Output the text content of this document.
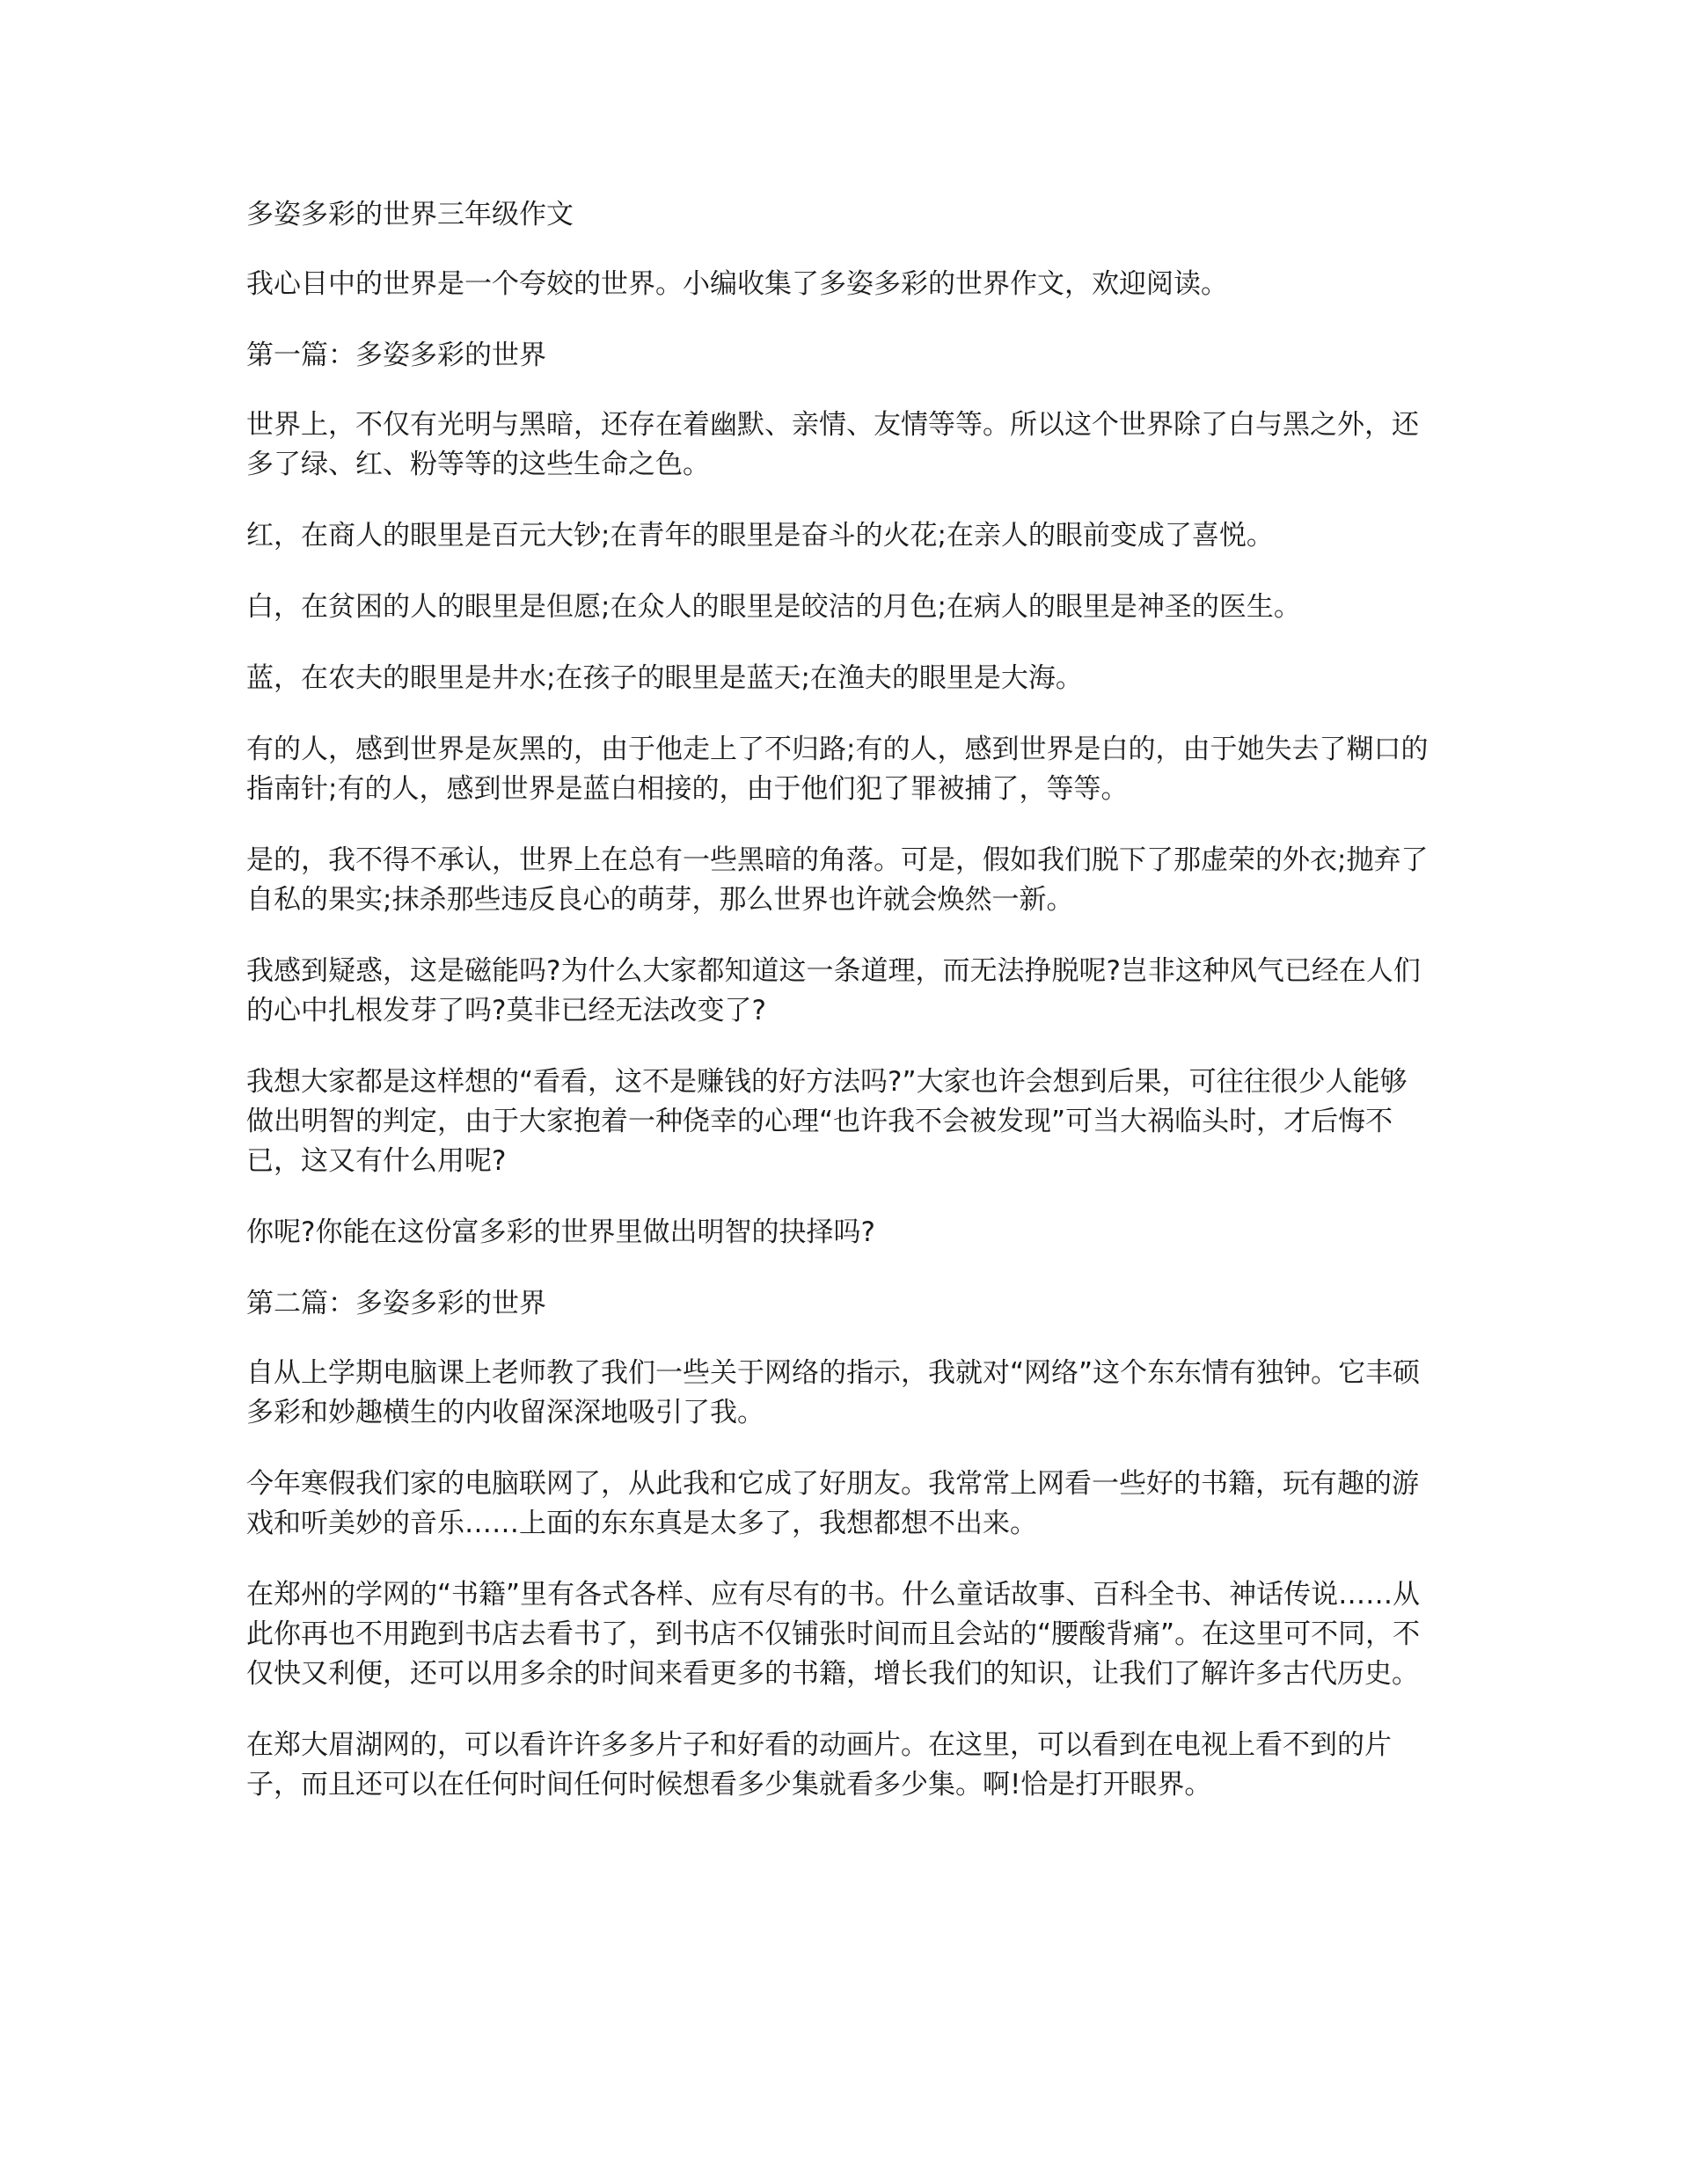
多姿多彩的世界三年级作文

我心目中的世界是一个夸姣的世界。小编收集了多姿多彩的世界作文，欢迎阅读。

第一篇：多姿多彩的世界

世界上，不仅有光明与黑暗，还存在着幽默、亲情、友情等等。所以这个世界除了白与黑之外，还多了绿、红、粉等等的这些生命之色。

红，在商人的眼里是百元大钞;在青年的眼里是奋斗的火花;在亲人的眼前变成了喜悦。

白，在贫困的人的眼里是但愿;在众人的眼里是皎洁的月色;在病人的眼里是神圣的医生。

蓝，在农夫的眼里是井水;在孩子的眼里是蓝天;在渔夫的眼里是大海。

有的人，感到世界是灰黑的，由于他走上了不归路;有的人，感到世界是白的，由于她失去了糊口的指南针;有的人，感到世界是蓝白相接的，由于他们犯了罪被捕了，等等。

是的，我不得不承认，世界上在总有一些黑暗的角落。可是，假如我们脱下了那虚荣的外衣;抛弃了自私的果实;抹杀那些违反良心的萌芽，那么世界也许就会焕然一新。

我感到疑惑，这是磁能吗?为什么大家都知道这一条道理，而无法挣脱呢?岂非这种风气已经在人们的心中扎根发芽了吗?莫非已经无法改变了?

我想大家都是这样想的“看看，这不是赚钱的好方法吗?”大家也许会想到后果，可往往很少人能够做出明智的判定，由于大家抱着一种侥幸的心理“也许我不会被发现”可当大祸临头时，才后悔不已，这又有什么用呢?

你呢?你能在这份富多彩的世界里做出明智的抉择吗?

第二篇：多姿多彩的世界

自从上学期电脑课上老师教了我们一些关于网络的指示，我就对“网络”这个东东情有独钟。它丰硕多彩和妙趣横生的内收留深深地吸引了我。

今年寒假我们家的电脑联网了，从此我和它成了好朋友。我常常上网看一些好的书籍，玩有趣的游戏和听美妙的音乐……上面的东东真是太多了，我想都想不出来。

在郑州的学网的“书籍”里有各式各样、应有尽有的书。什么童话故事、百科全书、神话传说……从此你再也不用跑到书店去看书了，到书店不仅铺张时间而且会站的“腰酸背痛”。在这里可不同，不仅快又利便，还可以用多余的时间来看更多的书籍，增长我们的知识，让我们了解许多古代历史。

在郑大眉湖网的，可以看许许多多片子和好看的动画片。在这里，可以看到在电视上看不到的片子，而且还可以在任何时间任何时候想看多少集就看多少集。啊!恰是打开眼界。
